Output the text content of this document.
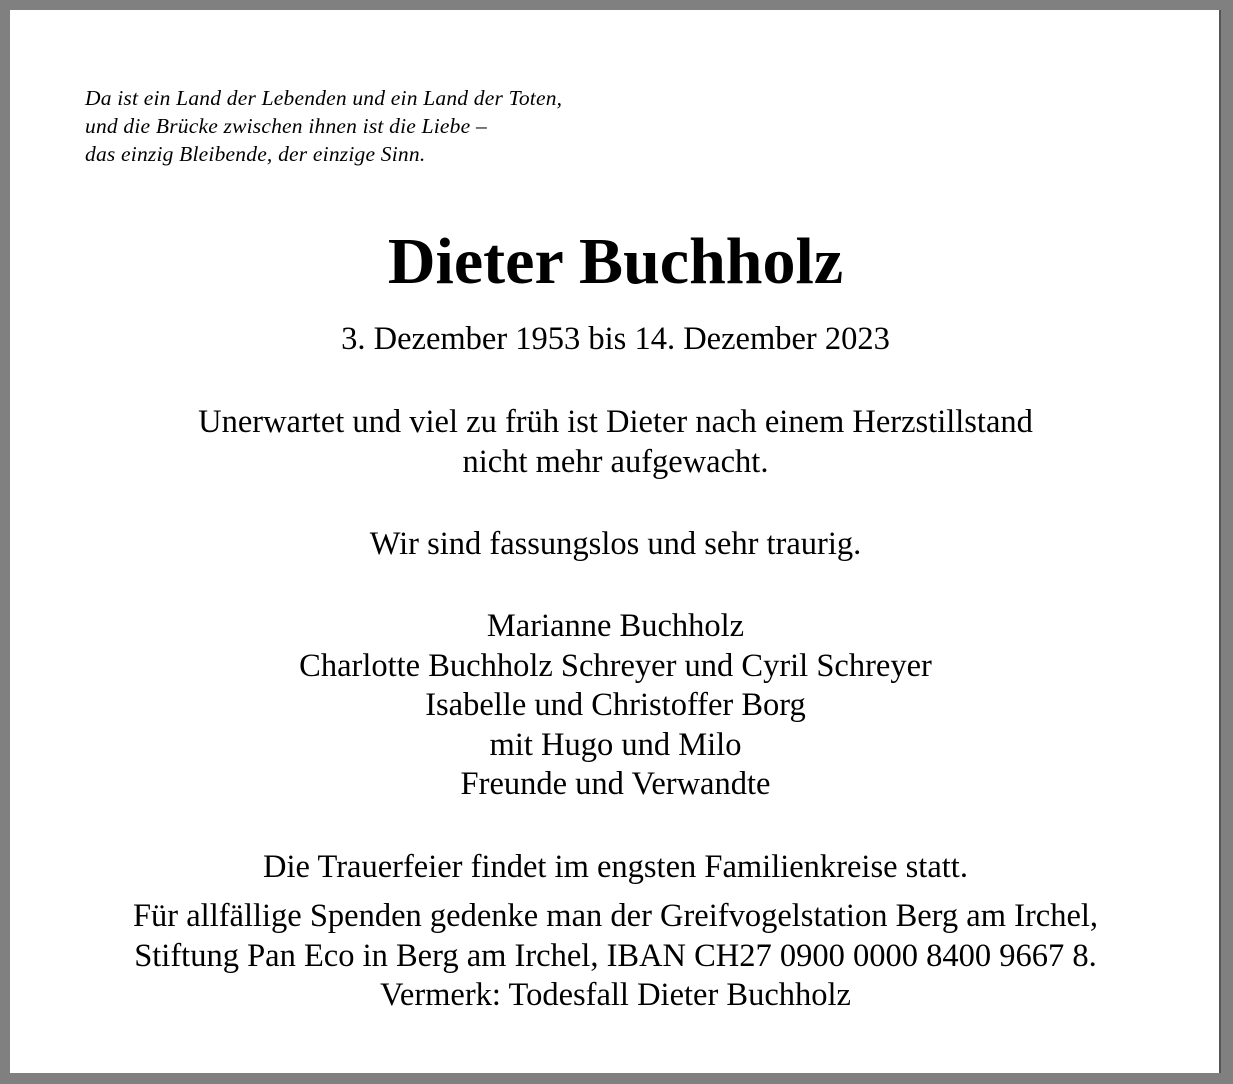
Da ist ein Land der Lebenden und ein Land der Toten,
und die Brücke zwischen ihnen ist die Liebe –
das einzig Bleibende, der einzige Sinn.
Dieter Buchholz
3. Dezember 1953 bis 14. Dezember 2023
Unerwartet und viel zu früh ist Dieter nach einem Herzstillstand
nicht mehr aufgewacht.
Wir sind fassungslos und sehr traurig.
Marianne Buchholz
Charlotte Buchholz Schreyer und Cyril Schreyer
Isabelle und Christoffer Borg
mit Hugo und Milo
Freunde und Verwandte
Die Trauerfeier findet im engsten Familienkreise statt.
Für allfällige Spenden gedenke man der Greifvogelstation Berg am Irchel,
Stiftung Pan Eco in Berg am Irchel, IBAN CH27 0900 0000 8400 9667 8.
Vermerk: Todesfall Dieter Buchholz
